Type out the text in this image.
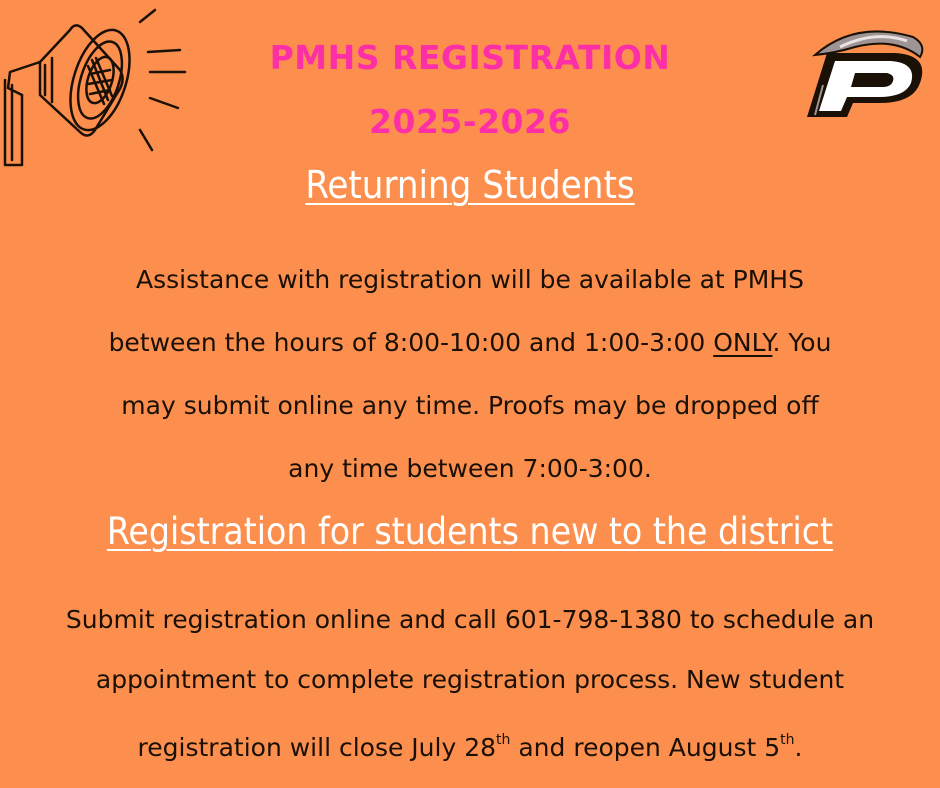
PMHS REGISTRATION
2025-2026
Returning Students
Assistance with registration will be available at PMHS
between the hours of 8:00-10:00 and 1:00-3:00 ONLY. You
may submit online any time. Proofs may be dropped off
any time between 7:00-3:00.
Registration for students new to the district
Submit registration online and call 601-798-1380 to schedule an
appointment to complete registration process. New student
registration will close July 28th and reopen August 5th.
